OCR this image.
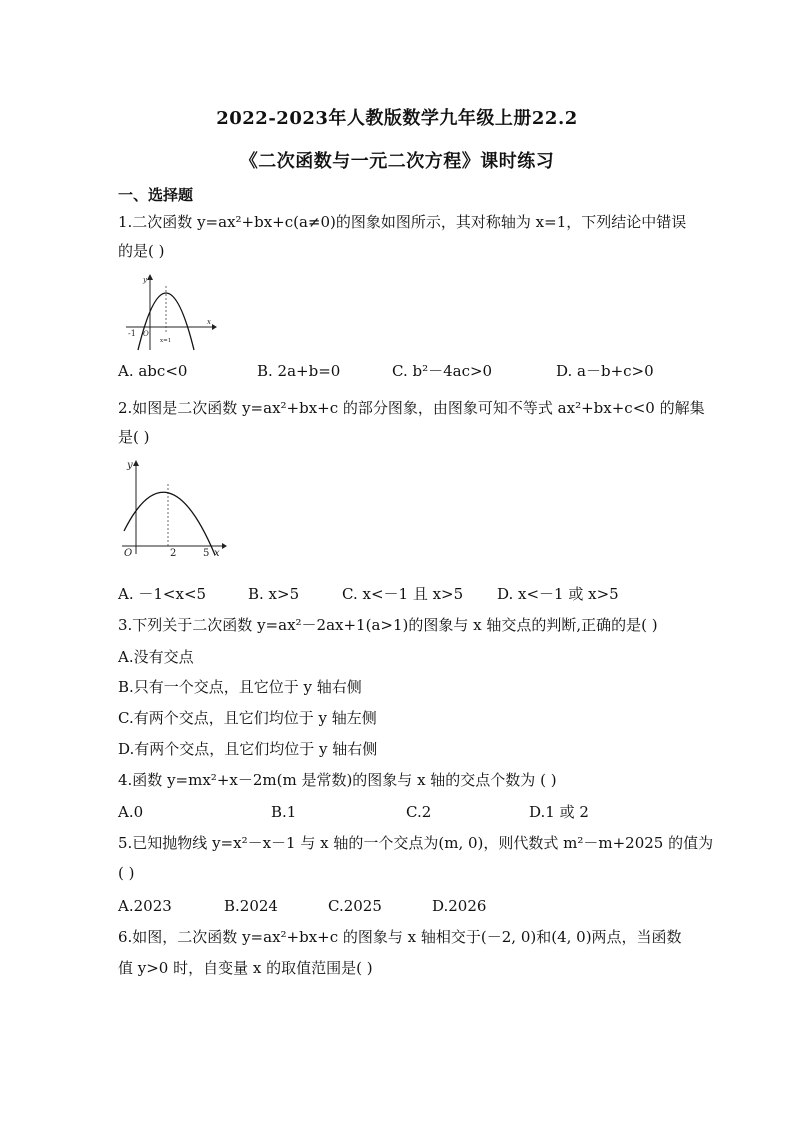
2022-2023年人教版数学九年级上册22.2
《二次函数与一元二次方程》课时练习
一、选择题
1.二次函数 y=ax²+bx+c(a≠0)的图象如图所示，其对称轴为 x=1，下列结论中错误
的是( )
y
x
-1 O
x=1
A. abc<0	B. 2a+b=0	C. b²－4ac>0	D. a－b+c>0
2.如图是二次函数 y=ax²+bx+c 的部分图象，由图象可知不等式 ax²+bx+c<0 的解集
是( )
y
O	2	5 x
A. －1<x<5	B. x>5	C. x<－1 且 x>5 D. x<－1 或 x>5
3.下列关于二次函数 y=ax²－2ax+1(a>1)的图象与 x 轴交点的判断,正确的是( )
A.没有交点
B.只有一个交点，且它位于 y 轴右侧
C.有两个交点，且它们均位于 y 轴左侧
D.有两个交点，且它们均位于 y 轴右侧
4.函数 y=mx²+x－2m(m 是常数)的图象与 x 轴的交点个数为 ( )
A.0	B.1	C.2	D.1 或 2
5.已知抛物线 y=x²－x－1 与 x 轴的一个交点为(m, 0)，则代数式 m²－m+2025 的值为
( )
A.2023	B.2024	C.2025	D.2026
6.如图，二次函数 y=ax²+bx+c 的图象与 x 轴相交于(－2, 0)和(4, 0)两点，当函数
值 y>0 时，自变量 x 的取值范围是( )
